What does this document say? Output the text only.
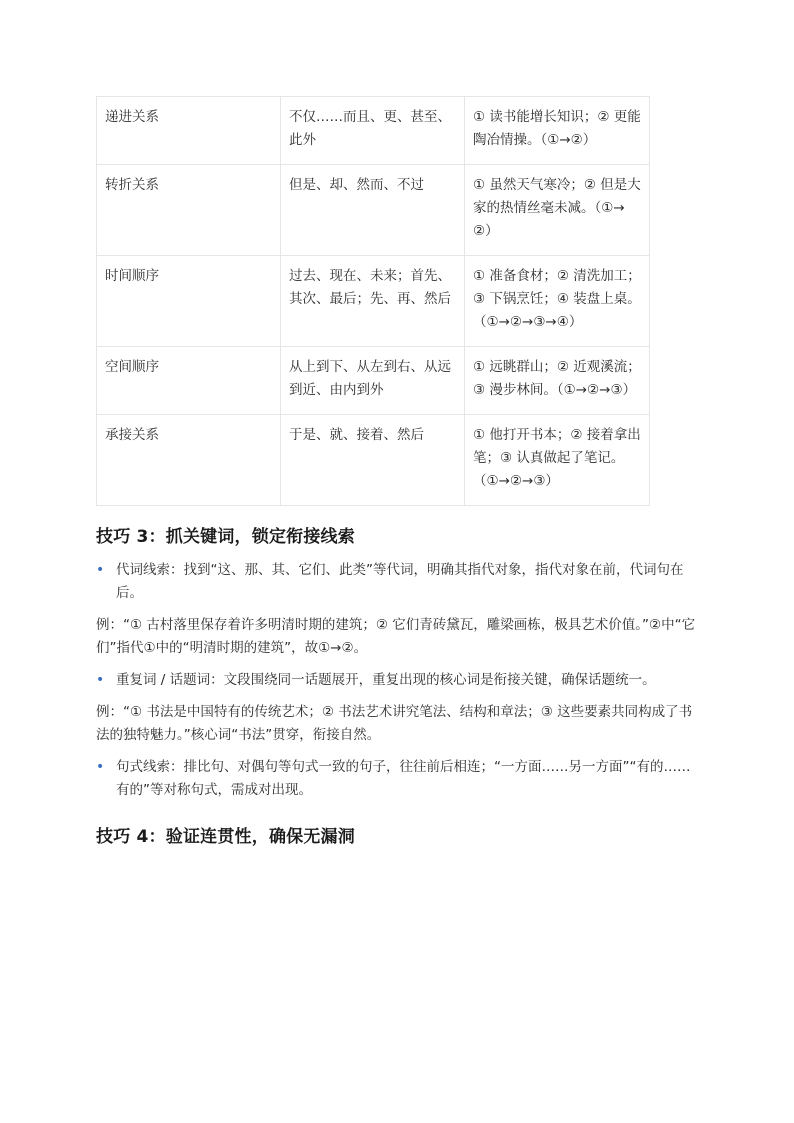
递进关系	不仅……而且、更、甚至、此外	① 读书能增长知识；② 更能陶冶情操。（①→②）
转折关系	但是、却、然而、不过	① 虽然天气寒冷；② 但是大家的热情丝毫未减。（①→②）
时间顺序	过去、现在、未来；首先、其次、最后；先、再、然后	① 准备食材；② 清洗加工；③ 下锅烹饪；④ 装盘上桌。（①→②→③→④）
空间顺序	从上到下、从左到右、从远到近、由内到外	① 远眺群山；② 近观溪流；③ 漫步林间。（①→②→③）
承接关系	于是、就、接着、然后	① 他打开书本；② 接着拿出笔；③ 认真做起了笔记。（①→②→③）
技巧 3：抓关键词，锁定衔接线索
• 代词线索：找到“这、那、其、它们、此类”等代词，明确其指代对象，指代对象在前，代词句在后。

例：“① 古村落里保存着许多明清时期的建筑；② 它们青砖黛瓦，雕梁画栋，极具艺术价值。”②中“它们”指代①中的“明清时期的建筑”，故①→②。

• 重复词 / 话题词：文段围绕同一话题展开，重复出现的核心词是衔接关键，确保话题统一。

例：“① 书法是中国特有的传统艺术；② 书法艺术讲究笔法、结构和章法；③ 这些要素共同构成了书法的独特魅力。”核心词“书法”贯穿，衔接自然。

• 句式线索：排比句、对偶句等句式一致的句子，往往前后相连；“一方面……另一方面”“有的……有的”等对称句式，需成对出现。
技巧 4：验证连贯性，确保无漏洞
